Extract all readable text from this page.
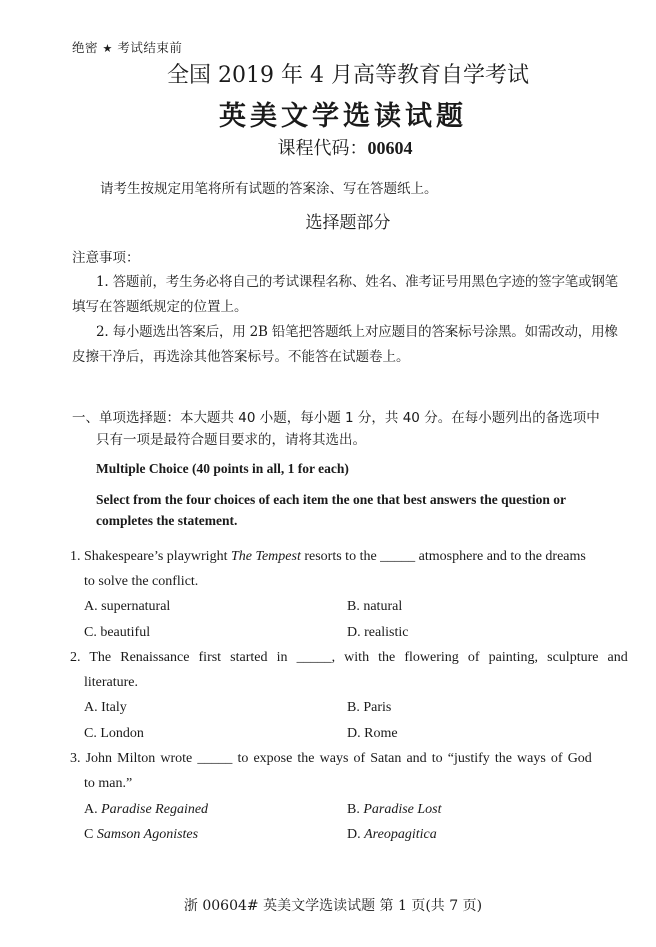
绝密 ★ 考试结束前
全国 2019 年 4 月高等教育自学考试
英美文学选读试题
课程代码：00604
请考生按规定用笔将所有试题的答案涂、写在答题纸上。
选择题部分
注意事项：
1. 答题前，考生务必将自己的考试课程名称、姓名、准考证号用黑色字迹的签字笔或钢笔
填写在答题纸规定的位置上。
2. 每小题选出答案后，用 2B 铅笔把答题纸上对应题目的答案标号涂黑。如需改动，用橡
皮擦干净后，再选涂其他答案标号。不能答在试题卷上。
一、单项选择题：本大题共 40 小题，每小题 1 分，共 40 分。在每小题列出的备选项中
只有一项是最符合题目要求的，请将其选出。
Multiple Choice (40 points in all, 1 for each)
Select from the four choices of each item the one that best answers the question or
completes the statement.
1. Shakespeare’s playwright The Tempest resorts to the _____ atmosphere and to the dreams
to solve the conflict.
A. supernatural	B. natural
C. beautiful	D. realistic
2. The Renaissance first started in _____, with the flowering of painting, sculpture and
literature.
A. Italy	B. Paris
C. London	D. Rome
3. John Milton wrote _____ to expose the ways of Satan and to “justify the ways of God
to man.”
A. Paradise Regained	B. Paradise Lost
C Samson Agonistes	D. Areopagitica
浙 00604# 英美文学选读试题 第 1 页(共 7 页)
